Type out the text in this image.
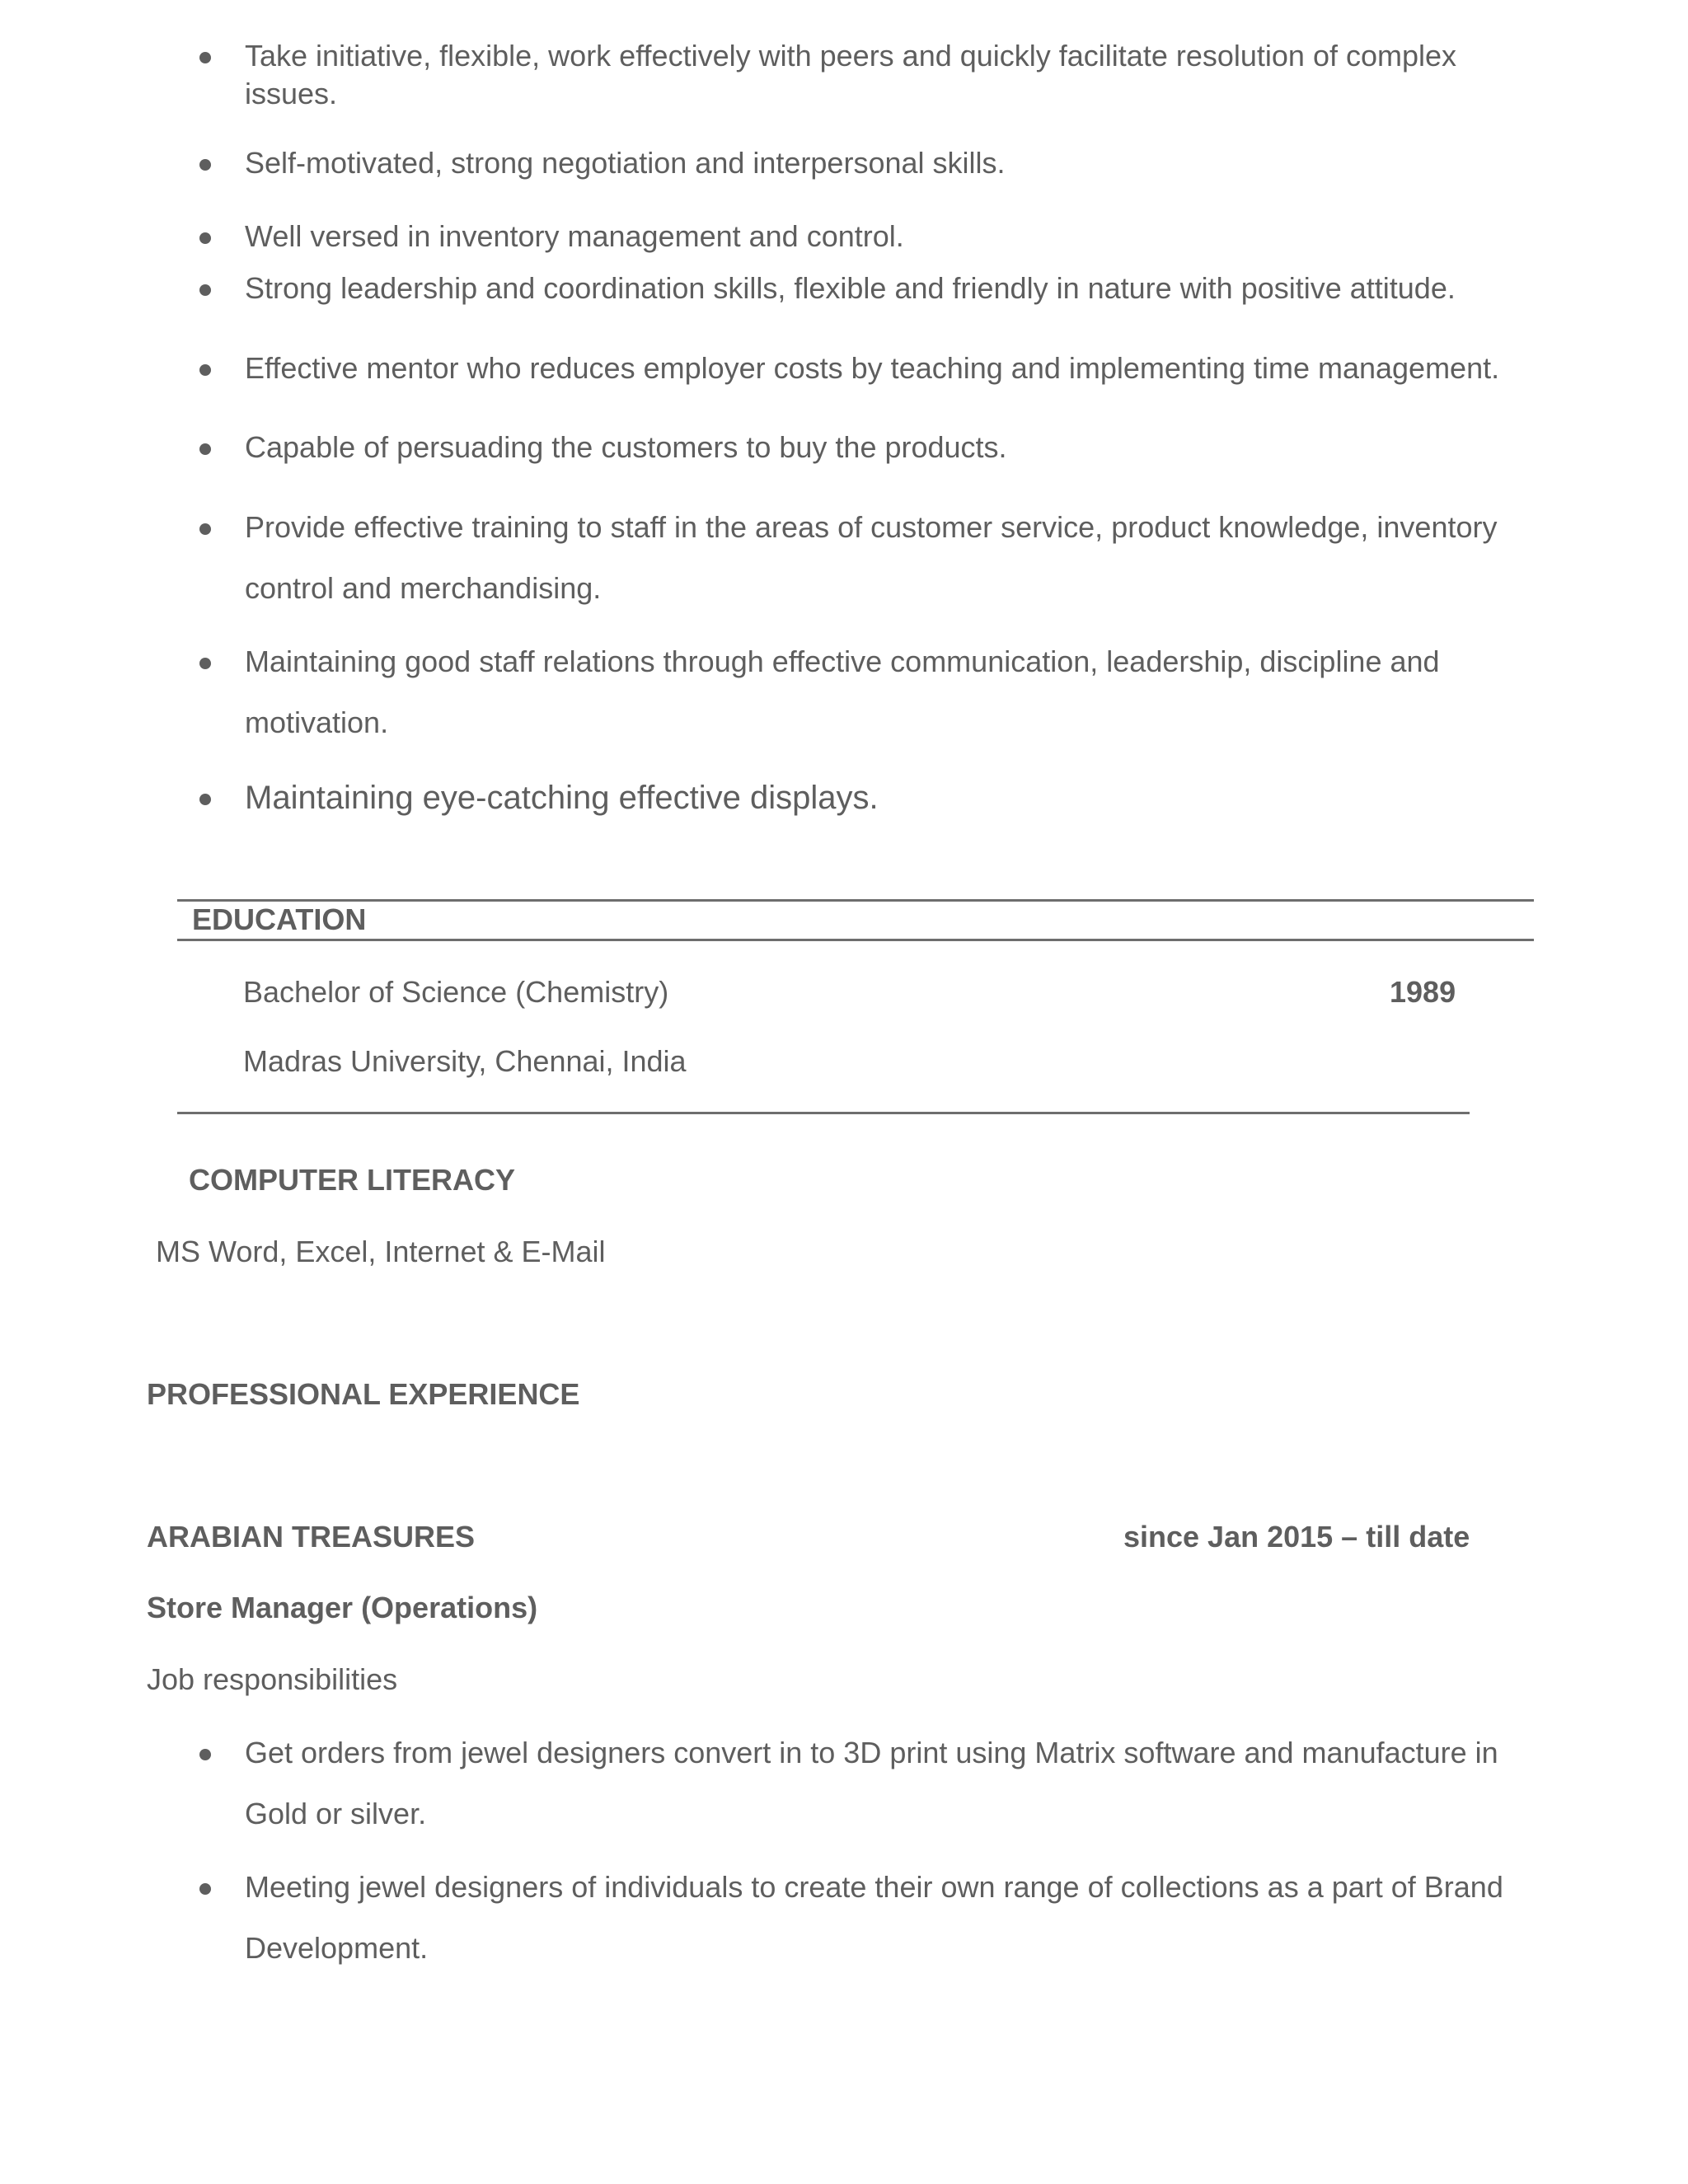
Take initiative, flexible, work effectively with peers and quickly facilitate resolution of complex
issues.
Self-motivated, strong negotiation and interpersonal skills.
Well versed in inventory management and control.
Strong leadership and coordination skills, flexible and friendly in nature with positive attitude.
Effective mentor who reduces employer costs by teaching and implementing time management.
Capable of persuading the customers to buy the products.
Provide effective training to staff in the areas of customer service, product knowledge, inventory
control and merchandising.
Maintaining good staff relations through effective communication, leadership, discipline and
motivation.
Maintaining eye-catching effective displays.
EDUCATION
Bachelor of Science (Chemistry)	1989
Madras University, Chennai, India
COMPUTER LITERACY
MS Word, Excel, Internet & E-Mail
PROFESSIONAL EXPERIENCE
ARABIAN TREASURES	since Jan 2015 – till date
Store Manager (Operations)
Job responsibilities
Get orders from jewel designers convert in to 3D print using Matrix software and manufacture in
Gold or silver.
Meeting jewel designers of individuals to create their own range of collections as a part of Brand
Development.
